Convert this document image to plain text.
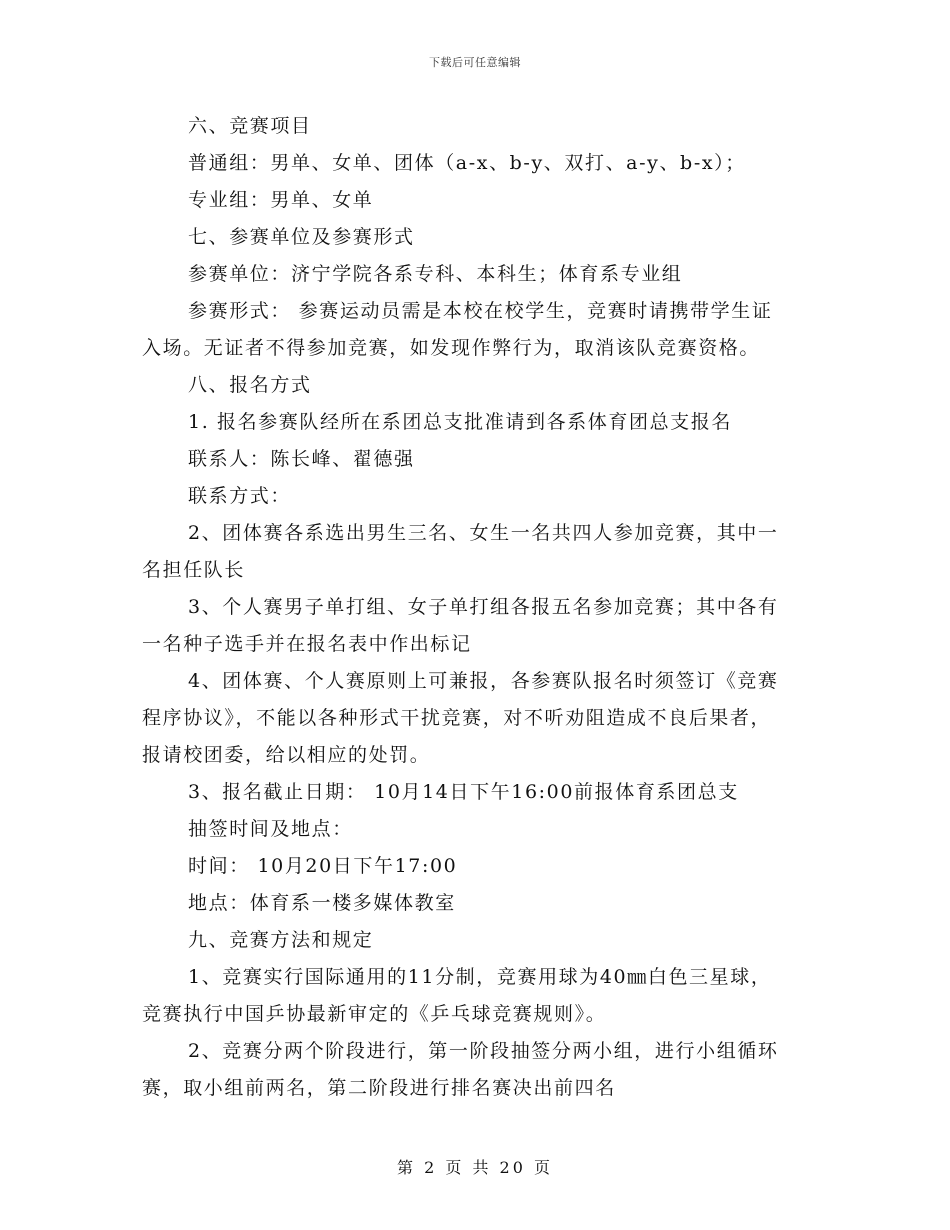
下载后可任意编辑
六、竞赛项目
普通组：男单、女单、团体（a-x、b-y、双打、a-y、b-x）；
专业组：男单、女单
七、参赛单位及参赛形式
参赛单位：济宁学院各系专科、本科生；体育系专业组
参赛形式： 参赛运动员需是本校在校学生，竞赛时请携带学生证
入场。无证者不得参加竞赛，如发现作弊行为，取消该队竞赛资格。
八、报名方式
1. 报名参赛队经所在系团总支批准请到各系体育团总支报名
联系人：陈长峰、翟德强
联系方式：
2、团体赛各系选出男生三名、女生一名共四人参加竞赛，其中一
名担任队长
3、个人赛男子单打组、女子单打组各报五名参加竞赛；其中各有
一名种子选手并在报名表中作出标记
4、团体赛、个人赛原则上可兼报，各参赛队报名时须签订《竞赛
程序协议》，不能以各种形式干扰竞赛，对不听劝阻造成不良后果者，
报请校团委，给以相应的处罚。
3、报名截止日期： 10月14日下午16:00前报体育系团总支
抽签时间及地点：
时间： 10月20日下午17:00
地点：体育系一楼多媒体教室
九、竞赛方法和规定
1、竞赛实行国际通用的11分制，竞赛用球为40㎜白色三星球，
竞赛执行中国乒协最新审定的《乒乓球竞赛规则》。
2、竞赛分两个阶段进行，第一阶段抽签分两小组，进行小组循环
赛，取小组前两名，第二阶段进行排名赛决出前四名
第 2 页 共 20 页
